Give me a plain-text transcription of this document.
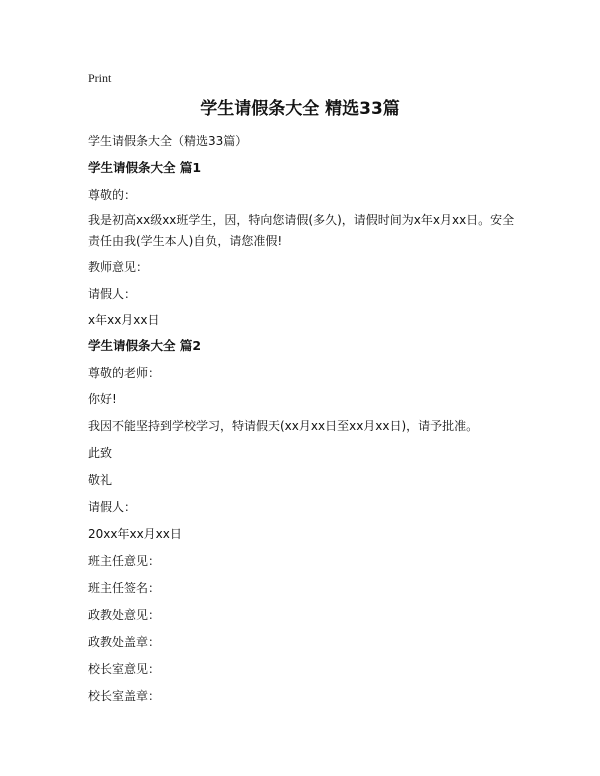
Print
学生请假条大全 精选33篇
学生请假条大全（精选33篇）
学生请假条大全 篇1
尊敬的：
我是初高xx级xx班学生，因，特向您请假(多久)，请假时间为x年x月xx日。安全责任由我(学生本人)自负，请您准假!
教师意见：
请假人：
x年xx月xx日
学生请假条大全 篇2
尊敬的老师：
你好!
我因不能坚持到学校学习，特请假天(xx月xx日至xx月xx日)，请予批准。
此致
敬礼
请假人：
20xx年xx月xx日
班主任意见：
班主任签名：
政教处意见：
政教处盖章：
校长室意见：
校长室盖章：
